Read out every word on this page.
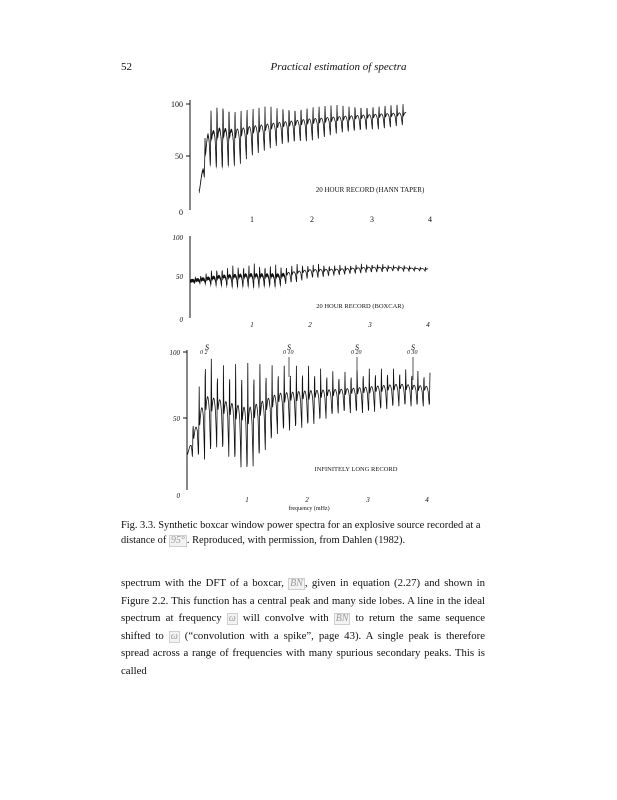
52	Practical estimation of spectra
100
50
0
1	2	3	4
20 HOUR RECORD (HANN TAPER)
100
50
0
1	2	3	4
20 HOUR RECORD (BOXCAR)
100
50
0	1	2	3	4
frequency (mHz)
INFINITELY LONG RECORD
S
0 2
S
0 10
S
0 20
S
0 30
Fig. 3.3. Synthetic boxcar window power spectra for an explosive source recorded at a distance of 95° . Reproduced, with permission, from Dahlen (1982).
spectrum with the DFT of a boxcar, BN , given in equation (2.27) and shown in Figure 2.2. This function has a central peak and many side lobes. A line in the ideal spectrum at frequency ω will convolve with BN to return the same sequence shifted to ω (“convolution with a spike”, page 43). A single peak is therefore spread across a range of frequencies with many spurious secondary peaks. This is called
